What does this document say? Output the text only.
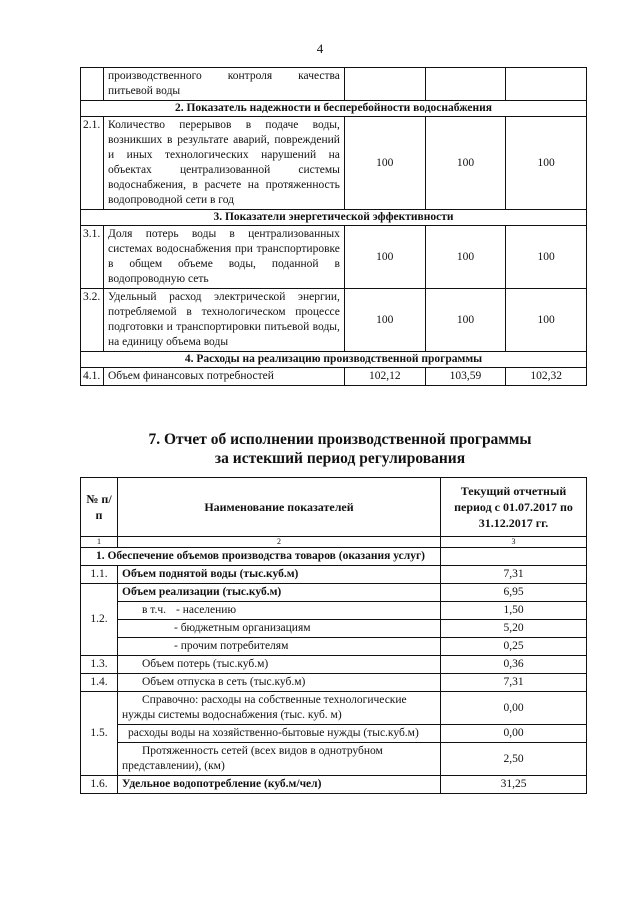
4
	производственного контроля качества питьевой воды			
2. Показатель надежности и бесперебойности водоснабжения				
2.1.	Количество перерывов в подаче воды, возникших в результате аварий, повреждений и иных технологических нарушений на объектах централизованной системы водоснабжения, в расчете на протяженность водопроводной сети в год	100	100	100
3. Показатели энергетической эффективности				
3.1.	Доля потерь воды в централизованных системах водоснабжения при транспортировке в общем объеме воды, поданной в водопроводную сеть	100	100	100
3.2.	Удельный расход электрической энергии, потребляемой в технологическом процессе подготовки и транспортировки питьевой воды, на единицу объема воды	100	100	100
4. Расходы на реализацию производственной программы				
4.1.	Объем финансовых потребностей	102,12	103,59	102,32
7. Отчет об исполнении производственной программы
за истекший период регулирования
№ п/п	Наименование показателей	Текущий отчетный период с 01.07.2017 по 31.12.2017 гг.
1	2	3
1. Обеспечение объемов производства товаров (оказания услуг)		
1.1.	Объем поднятой воды (тыс.куб.м)	7,31
1.2.	Объем реализации (тыс.куб.м)	6,95
	в т.ч. - населению	1,50
	- бюджетным организациям	5,20
	- прочим потребителям	0,25
1.3.	Объем потерь (тыс.куб.м)	0,36
1.4.	Объем отпуска в сеть (тыс.куб.м)	7,31
1.5.	Справочно: расходы на собственные технологические нужды системы водоснабжения (тыс. куб. м)	0,00
	расходы воды на хозяйственно-бытовые нужды (тыс.куб.м)	0,00
	Протяженность сетей (всех видов в однотрубном представлении), (км)	2,50
1.6.	Удельное водопотребление (куб.м/чел)	31,25
